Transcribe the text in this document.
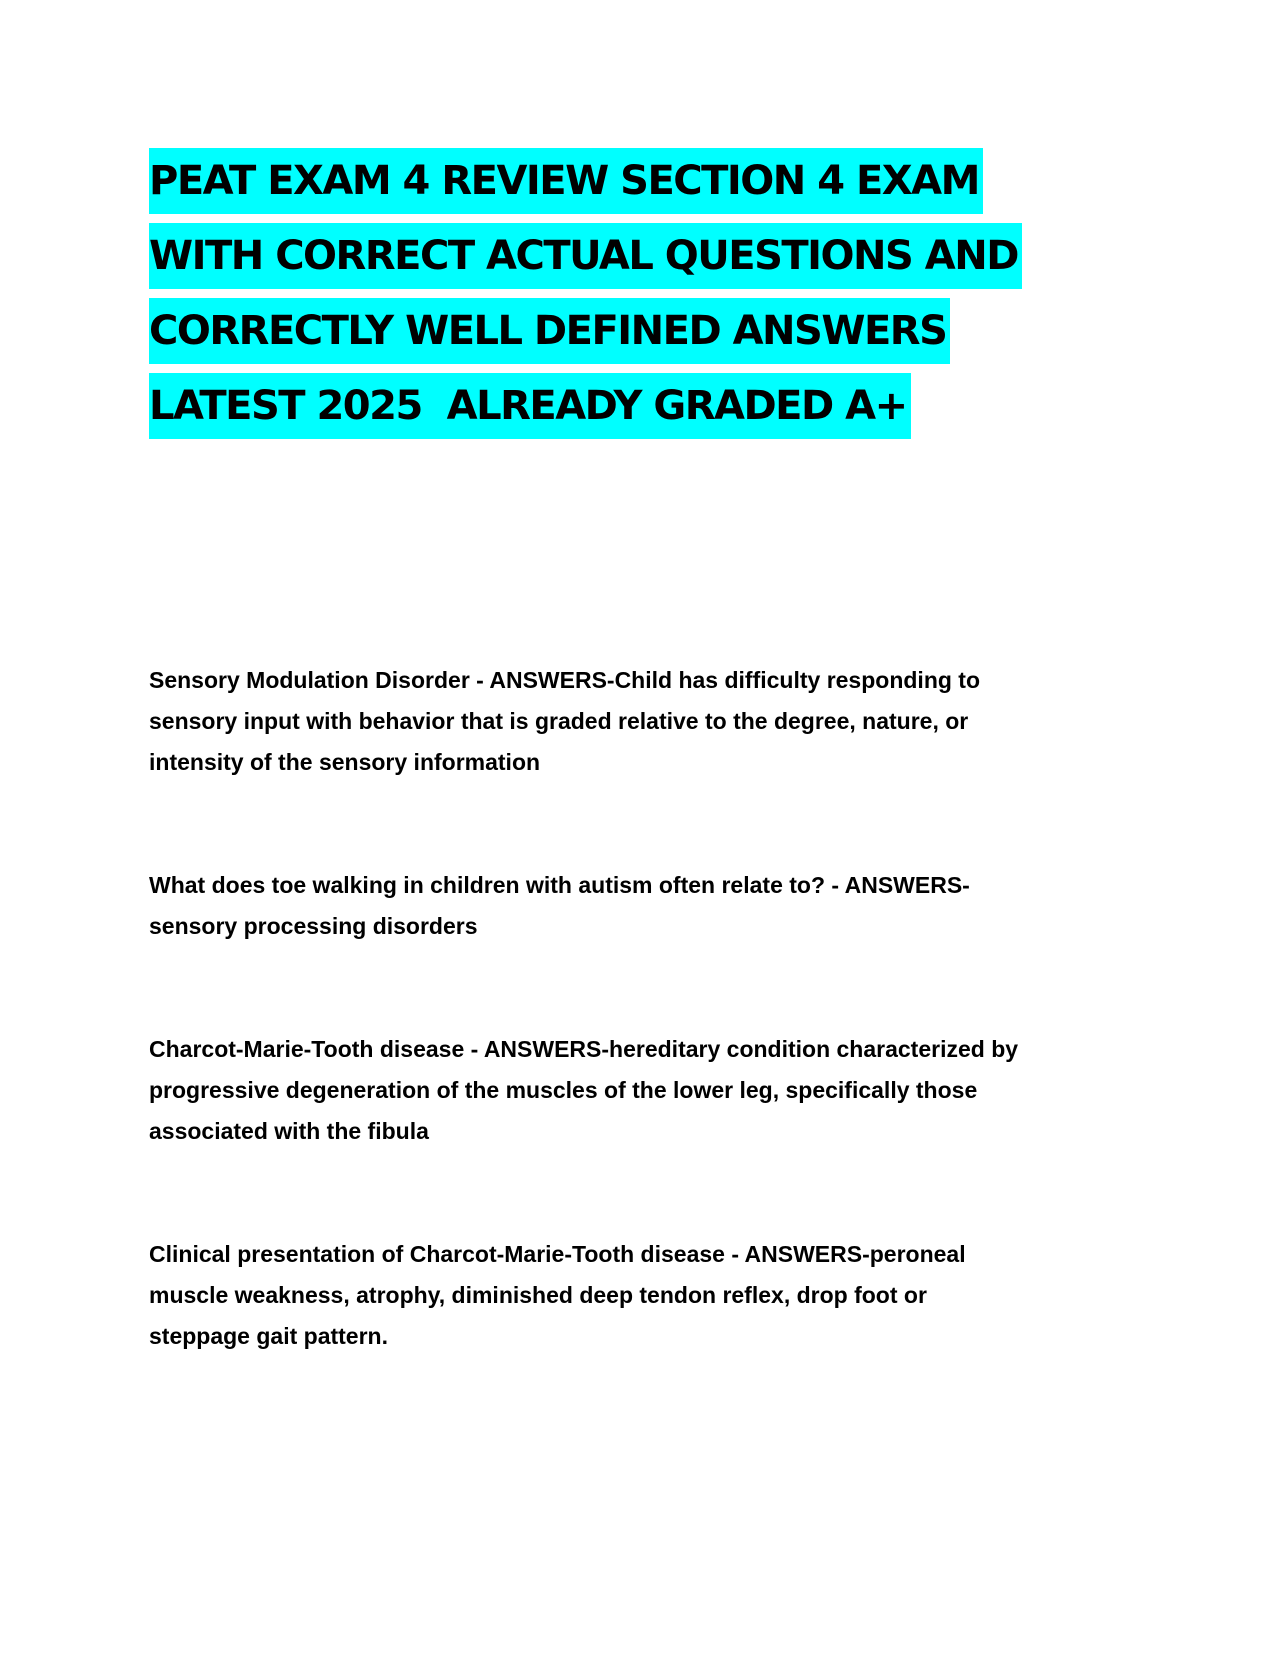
PEAT EXAM 4 REVIEW SECTION 4 EXAM
WITH CORRECT ACTUAL QUESTIONS AND
CORRECTLY WELL DEFINED ANSWERS
LATEST 2025  ALREADY GRADED A+

Sensory Modulation Disorder - ANSWERS-Child has difficulty responding to
sensory input with behavior that is graded relative to the degree, nature, or
intensity of the sensory information

What does toe walking in children with autism often relate to? - ANSWERS-
sensory processing disorders

Charcot-Marie-Tooth disease - ANSWERS-hereditary condition characterized by
progressive degeneration of the muscles of the lower leg, specifically those
associated with the fibula

Clinical presentation of Charcot-Marie-Tooth disease - ANSWERS-peroneal
muscle weakness, atrophy, diminished deep tendon reflex, drop foot or
steppage gait pattern.
